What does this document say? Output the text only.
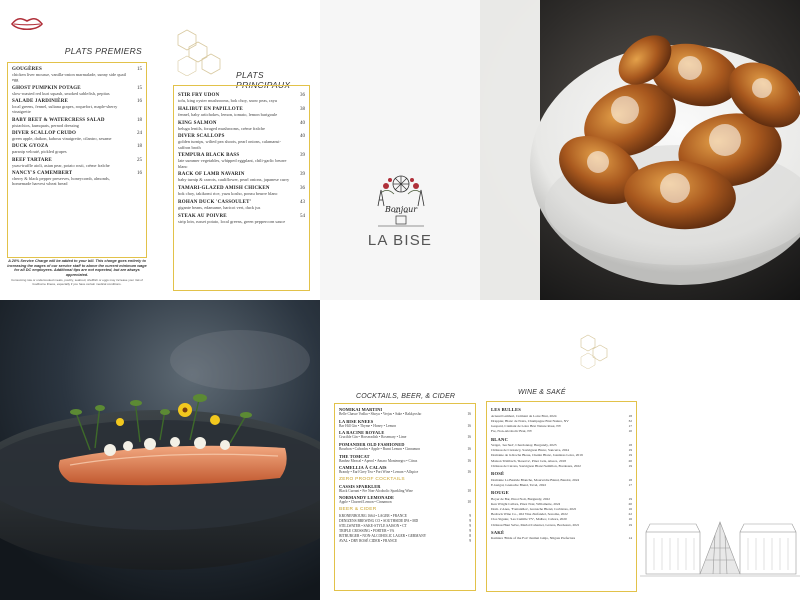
PLATS PREMIERS
GOUGÈRES	15
chicken liver mousse, vanilla-onion marmalade, sunny side quail egg
GHOST PUMPKIN POTAGE	15
slow-roasted red kuri squash, smoked sablefish, pepitas
SALADE JARDINIÈRE	16
local greens, fennel, sultana grapes, roquefort, maple-sherry vinaigrette
BABY BEET & WATERCRESS SALAD	18
pistachios, kumquats, pernod dressing
DIVER SCALLOP CRUDO	24
green apple, daikon, kabosu vinaigrette, cilantro, sesame
DUCK GYOZA	18
parsnip velouté, pickled grapes
BEEF TARTARE	25
yuzu-truffle aioli, asian pear, potato rosti, crème fraîche
NANCY'S CAMEMBERT	16
cherry & black pepper preserves, honeycomb, almonds, homemade harvest wheat bread
A 20% Service Charge will be added to your bill. This charge goes entirely to increasing the wages of our service staff to above the current minimum wage for all DC employees. Additional tips are not expected, but are always appreciated.
Consuming raw or undercooked meats, poultry, seafood, shellfish or eggs may increase your risk of foodborne illness, especially if you have certain medical conditions.
PLATS PRINCIPAUX
STIR FRY UDON	36
tofu, king oyster mushrooms, bok choy, snow peas, rayu
HALIBUT EN PAPILLOTE	38
fennel, baby artichokes, lemon, tomato, lemon barigoule
KING SALMON	40
beluga lentils, foraged mushrooms, crème fraîche
DIVER SCALLOPS	40
golden turnips, wilted pea shoots, pearl onions, calamansi-saffron broth
TEMPURA BLACK BASS	39
late summer vegetables, whipped eggplant, chili-garlic beurre blanc
RACK OF LAMB NAVARIN	39
baby turnip & carrots, cauliflower, pearl onions, japanese curry
TAMARI-GLAZED AMISH CHICKEN	36
bok choy, takikomi rice, yuzu kosho, ponzu beurre blanc
ROHAN DUCK 'CASSOULET'	43
gigante beans, edamame, haricot vert, duck jus
STEAK AU POIVRE	54
strip loin, russet potato, local greens, green peppercorn sauce
Bonjour
LA BISE
COCKTAILS, BEER, & CIDER
NOMIKAI MARTINI
Belle Chasse Vodka • Shoyu • Verjus • Sake • Rakkyosho	16
LA BISE KNEES
Bar Hill Gin • Thyme • Honey • Lemon	16
LA RACINE ROYALE
Crucible Gin • Horseradish • Rosemary • Lime	16
POMANDER OLD FASHIONED
Bourbon • Calvados • Apple • Burnt Lemon • Cinnamon	16
THE TOMCAT
Banhez Mezcal • Aperol • Amaro Montenegro • Citrus	16
CAMELLIA À CALAIS
Brandy • Earl Grey Tea • Port Wine • Lemon • Allspice	16
ZERO PROOF COCKTAILS
CASSIS SPARKLER
Black Currant • Fre Non-Alcoholic Sparkling Wine	10
NORMANDY LEMONADE
Apple • Charred Lemon • Cinnamon	10
BEER & CIDER
KRONENBOURG 1664 • LAGER • FRANCE	9
DENIZENS BREWING CO • SOUTHSIDE IPA • MD	9
STILLWATER • SAKE-STYLE SAISON • CT	9
TRIPLE CROSSING • PORTER • VA	9
BITBURGER • NON-ALCOHOLIC LAGER • GERMANY	8
AVAL • DRY ROSÉ CIDER • FRANCE	9
WINE & SAKÉ
LES BULLES
Arnaud Lambert, Crémant de Loire Brut, 2024	18
Drappier, Blanc de Noirs, Champagne Brut Nature, NV	32
Gaspard, Crémant de Loire Brut Nature Rosé, NV	17
Fre, Non-Alcoholic Brut, NV	10
BLANC
Verget, 'Au Sud', Chardonnay, Burgundy, 2023	18
Château de Crézancy, Sauvignon Blanc, Sancerre, 2024	19
Domaine de la Roche Bleue, Chenin Blanc, Jasnières Loire, 2019	19
Maison Trimbach, 'Reserve', Pinot Gris, Alsace, 2018	20
Château de Cérons, Sauvignon Blanc/Semillon, Bordeaux, 2022	19
ROSÉ
Domaine La Bastide Blanche, Mourvèdre Blend, Bandol, 2024	18
E.Guigal, Grenache Blend, Tavel, 2022	17
ROUGE
Boyer de Bar, Pinot Noir, Burgundy, 2022	19
Ken Wright Cellars, Pinot Noir, Willamette, 2024	20
Dom. 2 Anes, 'Fontanilles', Grenache Blend, Corbières, 2020	16
Bedrock Wine Co., Old Vine Zinfandel, Sonoma, 2022	22
Clos Siguier, 'Les Camille VV', Malbec, Cahors, 2020	16
Château Haut Selve, Merlot/Cabernet, Graves, Bordeaux, 2021	19
SAKÉ
Kamiara 'Bride of the Fox' Junmai Ginjo, Niigata Prefecture	14
